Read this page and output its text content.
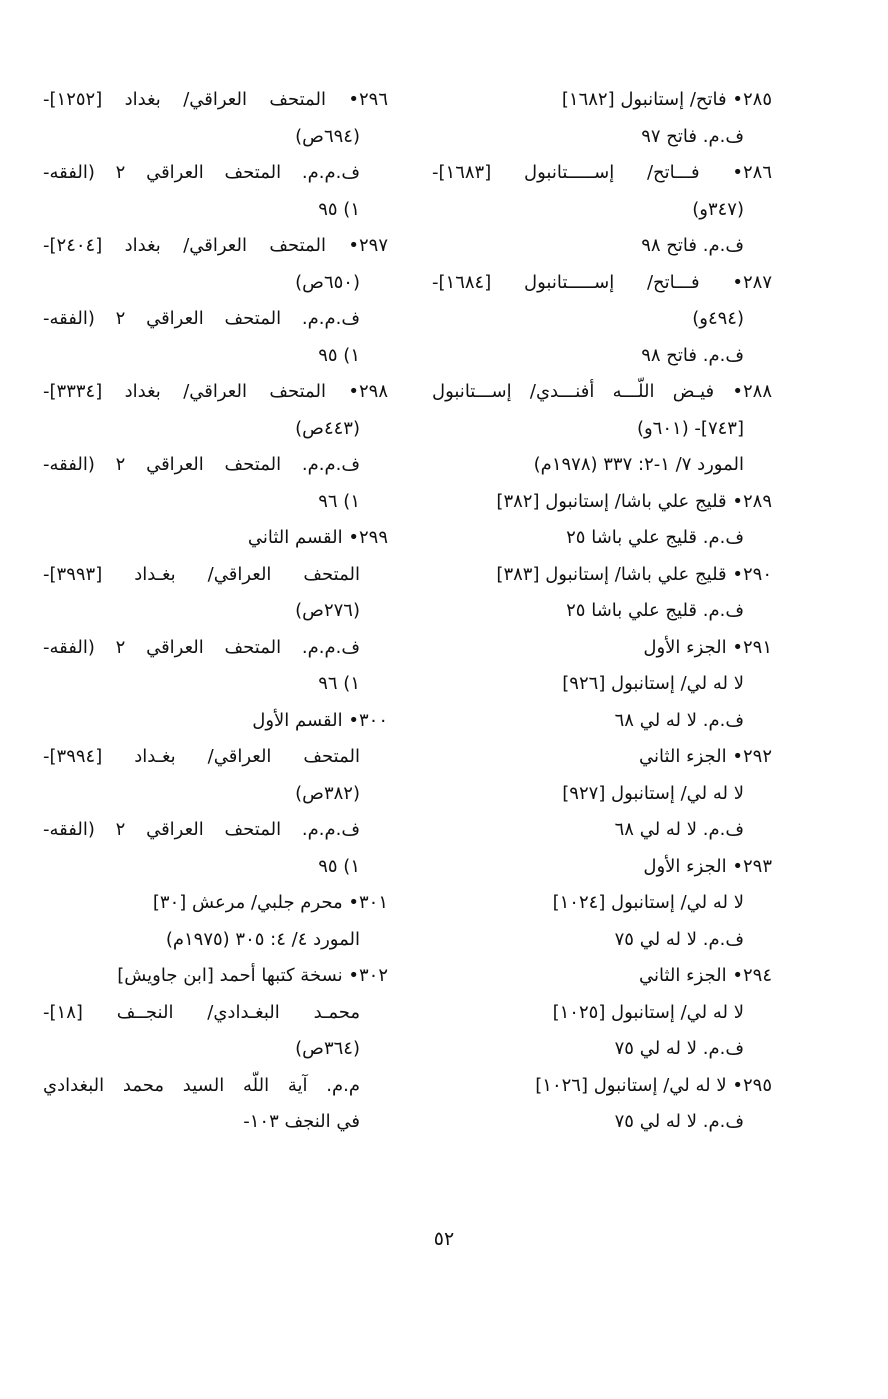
٢٨٥• فاتح/ إستانبول [١٦٨٢]
ف.م. فاتح ٩٧
٢٨٦• فـــاتح/ إســـــتانبول [١٦٨٣]-
(٣٤٧و)
ف.م. فاتح ٩٨
٢٨٧• فـــاتح/ إســـــتانبول [١٦٨٤]-
(٤٩٤و)
ف.م. فاتح ٩٨
٢٨٨• فيـض اللّـــه أفنـــدي/ إســـتانبول
[٧٤٣]- (٦٠١و)
المورد ٧/ ١-٢: ٣٣٧ (١٩٧٨م)
٢٨٩• قليج علي باشا/ إستانبول [٣٨٢]
ف.م. قليج علي باشا ٢٥
٢٩٠• قليج علي باشا/ إستانبول [٣٨٣]
ف.م. قليج علي باشا ٢٥
٢٩١• الجزء الأول
لا له لي/ إستانبول [٩٢٦]
ف.م. لا له لي ٦٨
٢٩٢• الجزء الثاني
لا له لي/ إستانبول [٩٢٧]
ف.م. لا له لي ٦٨
٢٩٣• الجزء الأول
لا له لي/ إستانبول [١٠٢٤]
ف.م. لا له لي ٧٥
٢٩٤• الجزء الثاني
لا له لي/ إستانبول [١٠٢٥]
ف.م. لا له لي ٧٥
٢٩٥• لا له لي/ إستانبول [١٠٢٦]
ف.م. لا له لي ٧٥
٢٩٦• المتحف العراقي/ بغداد [١٢٥٢]-
(٦٩٤ص)
ف.م.م. المتحف العراقي ٢ (الفقه-
١) ٩٥
٢٩٧• المتحف العراقي/ بغداد [٢٤٠٤]-
(٦٥٠ص)
ف.م.م. المتحف العراقي ٢ (الفقه-
١) ٩٥
٢٩٨• المتحف العراقي/ بغداد [٣٣٣٤]-
(٤٤٣ص)
ف.م.م. المتحف العراقي ٢ (الفقه-
١) ٩٦
٢٩٩• القسم الثاني
المتحف العراقي/ بغـداد [٣٩٩٣]-
(٢٧٦ص)
ف.م.م. المتحف العراقي ٢ (الفقه-
١) ٩٦
٣٠٠• القسم الأول
المتحف العراقي/ بغـداد [٣٩٩٤]-
(٣٨٢ص)
ف.م.م. المتحف العراقي ٢ (الفقه-
١) ٩٥
٣٠١• محرم جلبي/ مرعش [٣٠]
المورد ٤/ ٤: ٣٠٥ (١٩٧٥م)
٣٠٢• نسخة كتبها أحمد [ابن جاويش]
محمـد البغـدادي/ النجــف [١٨]-
(٣٦٤ص)
م.م. آية اللّه السيد محمد البغدادي
في النجف ١٠٣-
٥٢
